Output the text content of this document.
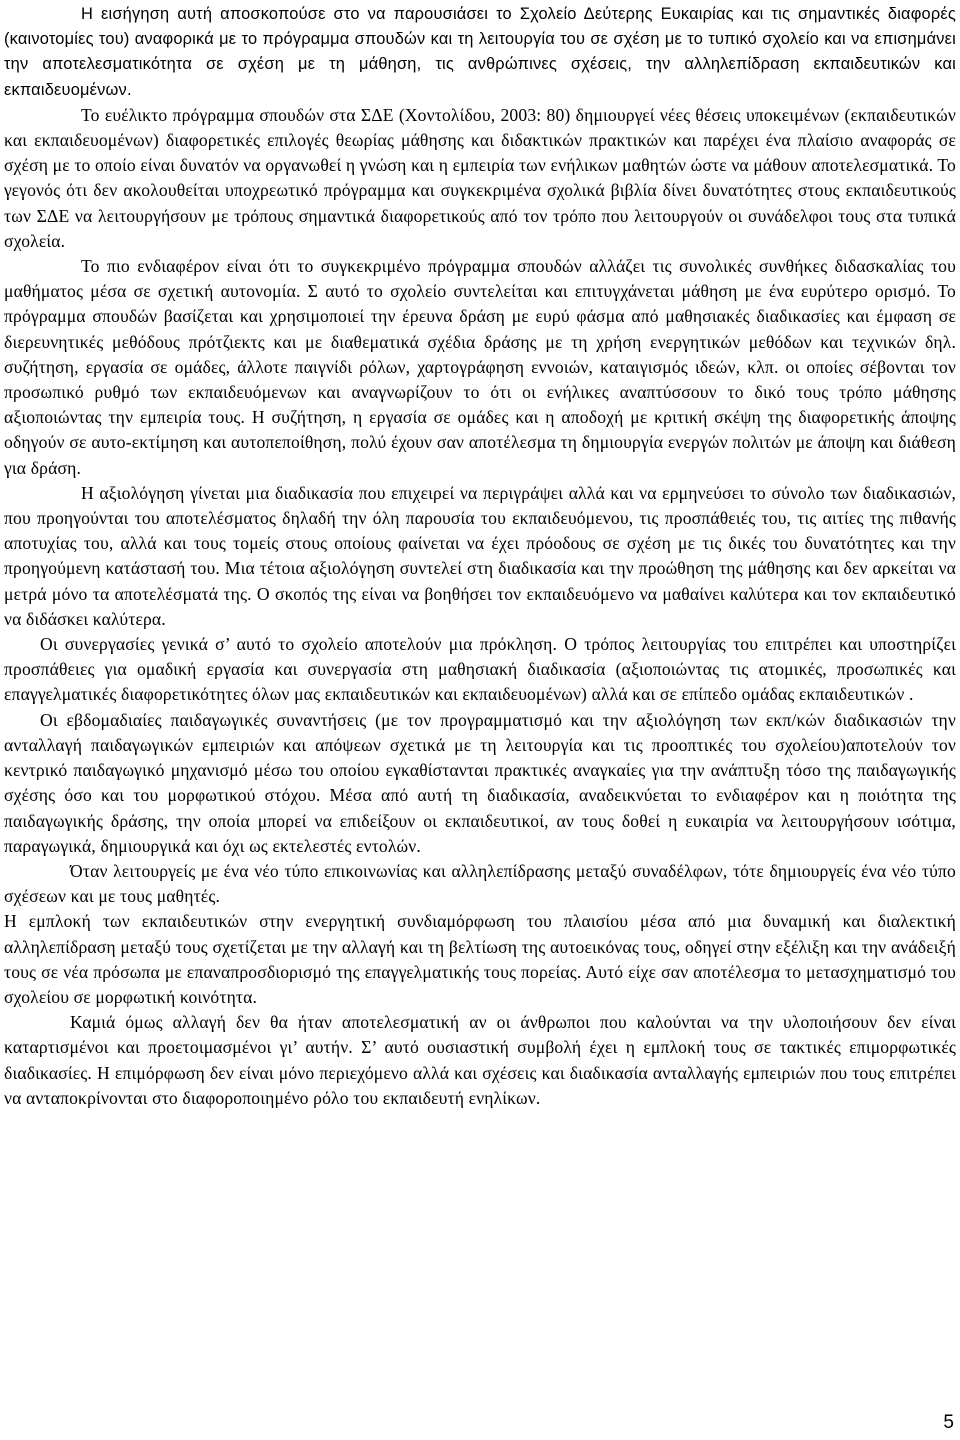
Η εισήγηση αυτή αποσκοπούσε στο να παρουσιάσει το Σχολείο Δεύτερης Ευκαιρίας και τις σημαντικές διαφορές (καινοτομίες του) αναφορικά με το πρόγραμμα σπουδών και τη λειτουργία του σε σχέση με το τυπικό σχολείο και να επισημάνει την αποτελεσματικότητα σε σχέση με τη μάθηση, τις ανθρώπινες σχέσεις, την αλληλεπίδραση εκπαιδευτικών και εκπαιδευομένων.

Το ευέλικτο πρόγραμμα σπουδών στα ΣΔΕ (Χοντολίδου, 2003: 80) δημιουργεί νέες θέσεις υποκειμένων (εκπαιδευτικών και εκπαιδευομένων) διαφορετικές επιλογές θεωρίας μάθησης και διδακτικών πρακτικών και παρέχει ένα πλαίσιο αναφοράς σε σχέση με το οποίο είναι δυνατόν να οργανωθεί η γνώση και η εμπειρία των ενήλικων μαθητών ώστε να μάθουν αποτελεσματικά. Το γεγονός ότι δεν ακολουθείται υποχρεωτικό πρόγραμμα και συγκεκριμένα σχολικά βιβλία δίνει δυνατότητες στους εκπαιδευτικούς των ΣΔΕ να λειτουργήσουν με τρόπους σημαντικά διαφορετικούς από τον τρόπο που λειτουργούν οι συνάδελφοι τους στα τυπικά σχολεία.

Το πιο ενδιαφέρον είναι ότι το συγκεκριμένο πρόγραμμα σπουδών αλλάζει τις συνολικές συνθήκες διδασκαλίας του μαθήματος μέσα σε σχετική αυτονομία. Σ αυτό το σχολείο συντελείται και επιτυγχάνεται μάθηση με ένα ευρύτερο ορισμό. Το πρόγραμμα σπουδών βασίζεται και χρησιμοποιεί την έρευνα δράση με ευρύ φάσμα από μαθησιακές διαδικασίες και έμφαση σε διερευνητικές μεθόδους πρότζιεκτς και με διαθεματικά σχέδια δράσης με τη χρήση ενεργητικών μεθόδων και τεχνικών δηλ. συζήτηση, εργασία σε ομάδες, άλλοτε παιγνίδι ρόλων, χαρτογράφηση εννοιών, καταιγισμός ιδεών, κλπ. οι οποίες σέβονται τον προσωπικό ρυθμό των εκπαιδευόμενων και αναγνωρίζουν το ότι οι ενήλικες αναπτύσσουν το δικό τους τρόπο μάθησης αξιοποιώντας την εμπειρία τους. Η συζήτηση, η εργασία σε ομάδες και η αποδοχή με κριτική σκέψη της διαφορετικής άποψης οδηγούν σε αυτο-εκτίμηση και αυτοπεποίθηση, πολύ έχουν σαν αποτέλεσμα τη δημιουργία ενεργών πολιτών με άποψη και διάθεση για δράση.

Η αξιολόγηση γίνεται μια διαδικασία που επιχειρεί να περιγράψει αλλά και να ερμηνεύσει το σύνολο των διαδικασιών, που προηγούνται του αποτελέσματος δηλαδή την όλη παρουσία του εκπαιδευόμενου, τις προσπάθειές του, τις αιτίες της πιθανής αποτυχίας του, αλλά και τους τομείς στους οποίους φαίνεται να έχει πρόοδους σε σχέση με τις δικές του δυνατότητες και την προηγούμενη κατάστασή του. Μια τέτοια αξιολόγηση συντελεί στη διαδικασία και την προώθηση της μάθησης και δεν αρκείται να μετρά μόνο τα αποτελέσματά της. Ο σκοπός της είναι να βοηθήσει τον εκπαιδευόμενο να μαθαίνει καλύτερα και τον εκπαιδευτικό να διδάσκει καλύτερα.

Οι συνεργασίες γενικά σ’ αυτό το σχολείο αποτελούν μια πρόκληση. Ο τρόπος λειτουργίας του επιτρέπει και υποστηρίζει προσπάθειες για ομαδική εργασία και συνεργασία στη μαθησιακή διαδικασία (αξιοποιώντας τις ατομικές, προσωπικές και επαγγελματικές διαφορετικότητες όλων μας εκπαιδευτικών και εκπαιδευομένων) αλλά και σε επίπεδο ομάδας εκπαιδευτικών .

Οι εβδομαδιαίες παιδαγωγικές συναντήσεις (με τον προγραμματισμό και την αξιολόγηση των εκπ/κών διαδικασιών την ανταλλαγή παιδαγωγικών εμπειριών και απόψεων σχετικά με τη λειτουργία και τις προοπτικές του σχολείου)αποτελούν τον κεντρικό παιδαγωγικό μηχανισμό μέσω του οποίου εγκαθίστανται πρακτικές αναγκαίες για την ανάπτυξη τόσο της παιδαγωγικής σχέσης όσο και του μορφωτικού στόχου. Μέσα από αυτή τη διαδικασία, αναδεικνύεται το ενδιαφέρον και η ποιότητα της παιδαγωγικής δράσης, την οποία μπορεί να επιδείξουν οι εκπαιδευτικοί, αν τους δοθεί η ευκαιρία να λειτουργήσουν ισότιμα, παραγωγικά, δημιουργικά και όχι ως εκτελεστές εντολών.

Όταν λειτουργείς με ένα νέο τύπο επικοινωνίας και αλληλεπίδρασης μεταξύ συναδέλφων, τότε δημιουργείς ένα νέο τύπο σχέσεων και με τους μαθητές.

Η εμπλοκή των εκπαιδευτικών στην ενεργητική συνδιαμόρφωση του πλαισίου μέσα από μια δυναμική και διαλεκτική αλληλεπίδραση μεταξύ τους σχετίζεται με την αλλαγή και τη βελτίωση της αυτοεικόνας τους, οδηγεί στην εξέλιξη και την ανάδειξή τους σε νέα πρόσωπα με επαναπροσδιορισμό της επαγγελματικής τους πορείας. Αυτό είχε σαν αποτέλεσμα το μετασχηματισμό του σχολείου σε μορφωτική κοινότητα.

Καμιά όμως αλλαγή δεν θα ήταν αποτελεσματική αν οι άνθρωποι που καλούνται να την υλοποιήσουν δεν είναι καταρτισμένοι και προετοιμασμένοι γι’ αυτήν. Σ’ αυτό ουσιαστική συμβολή έχει η εμπλοκή τους σε τακτικές επιμορφωτικές διαδικασίες. Η επιμόρφωση δεν είναι μόνο περιεχόμενο αλλά και σχέσεις και διαδικασία ανταλλαγής εμπειριών που τους επιτρέπει να ανταποκρίνονται στο διαφοροποιημένο ρόλο του εκπαιδευτή ενηλίκων.

5
